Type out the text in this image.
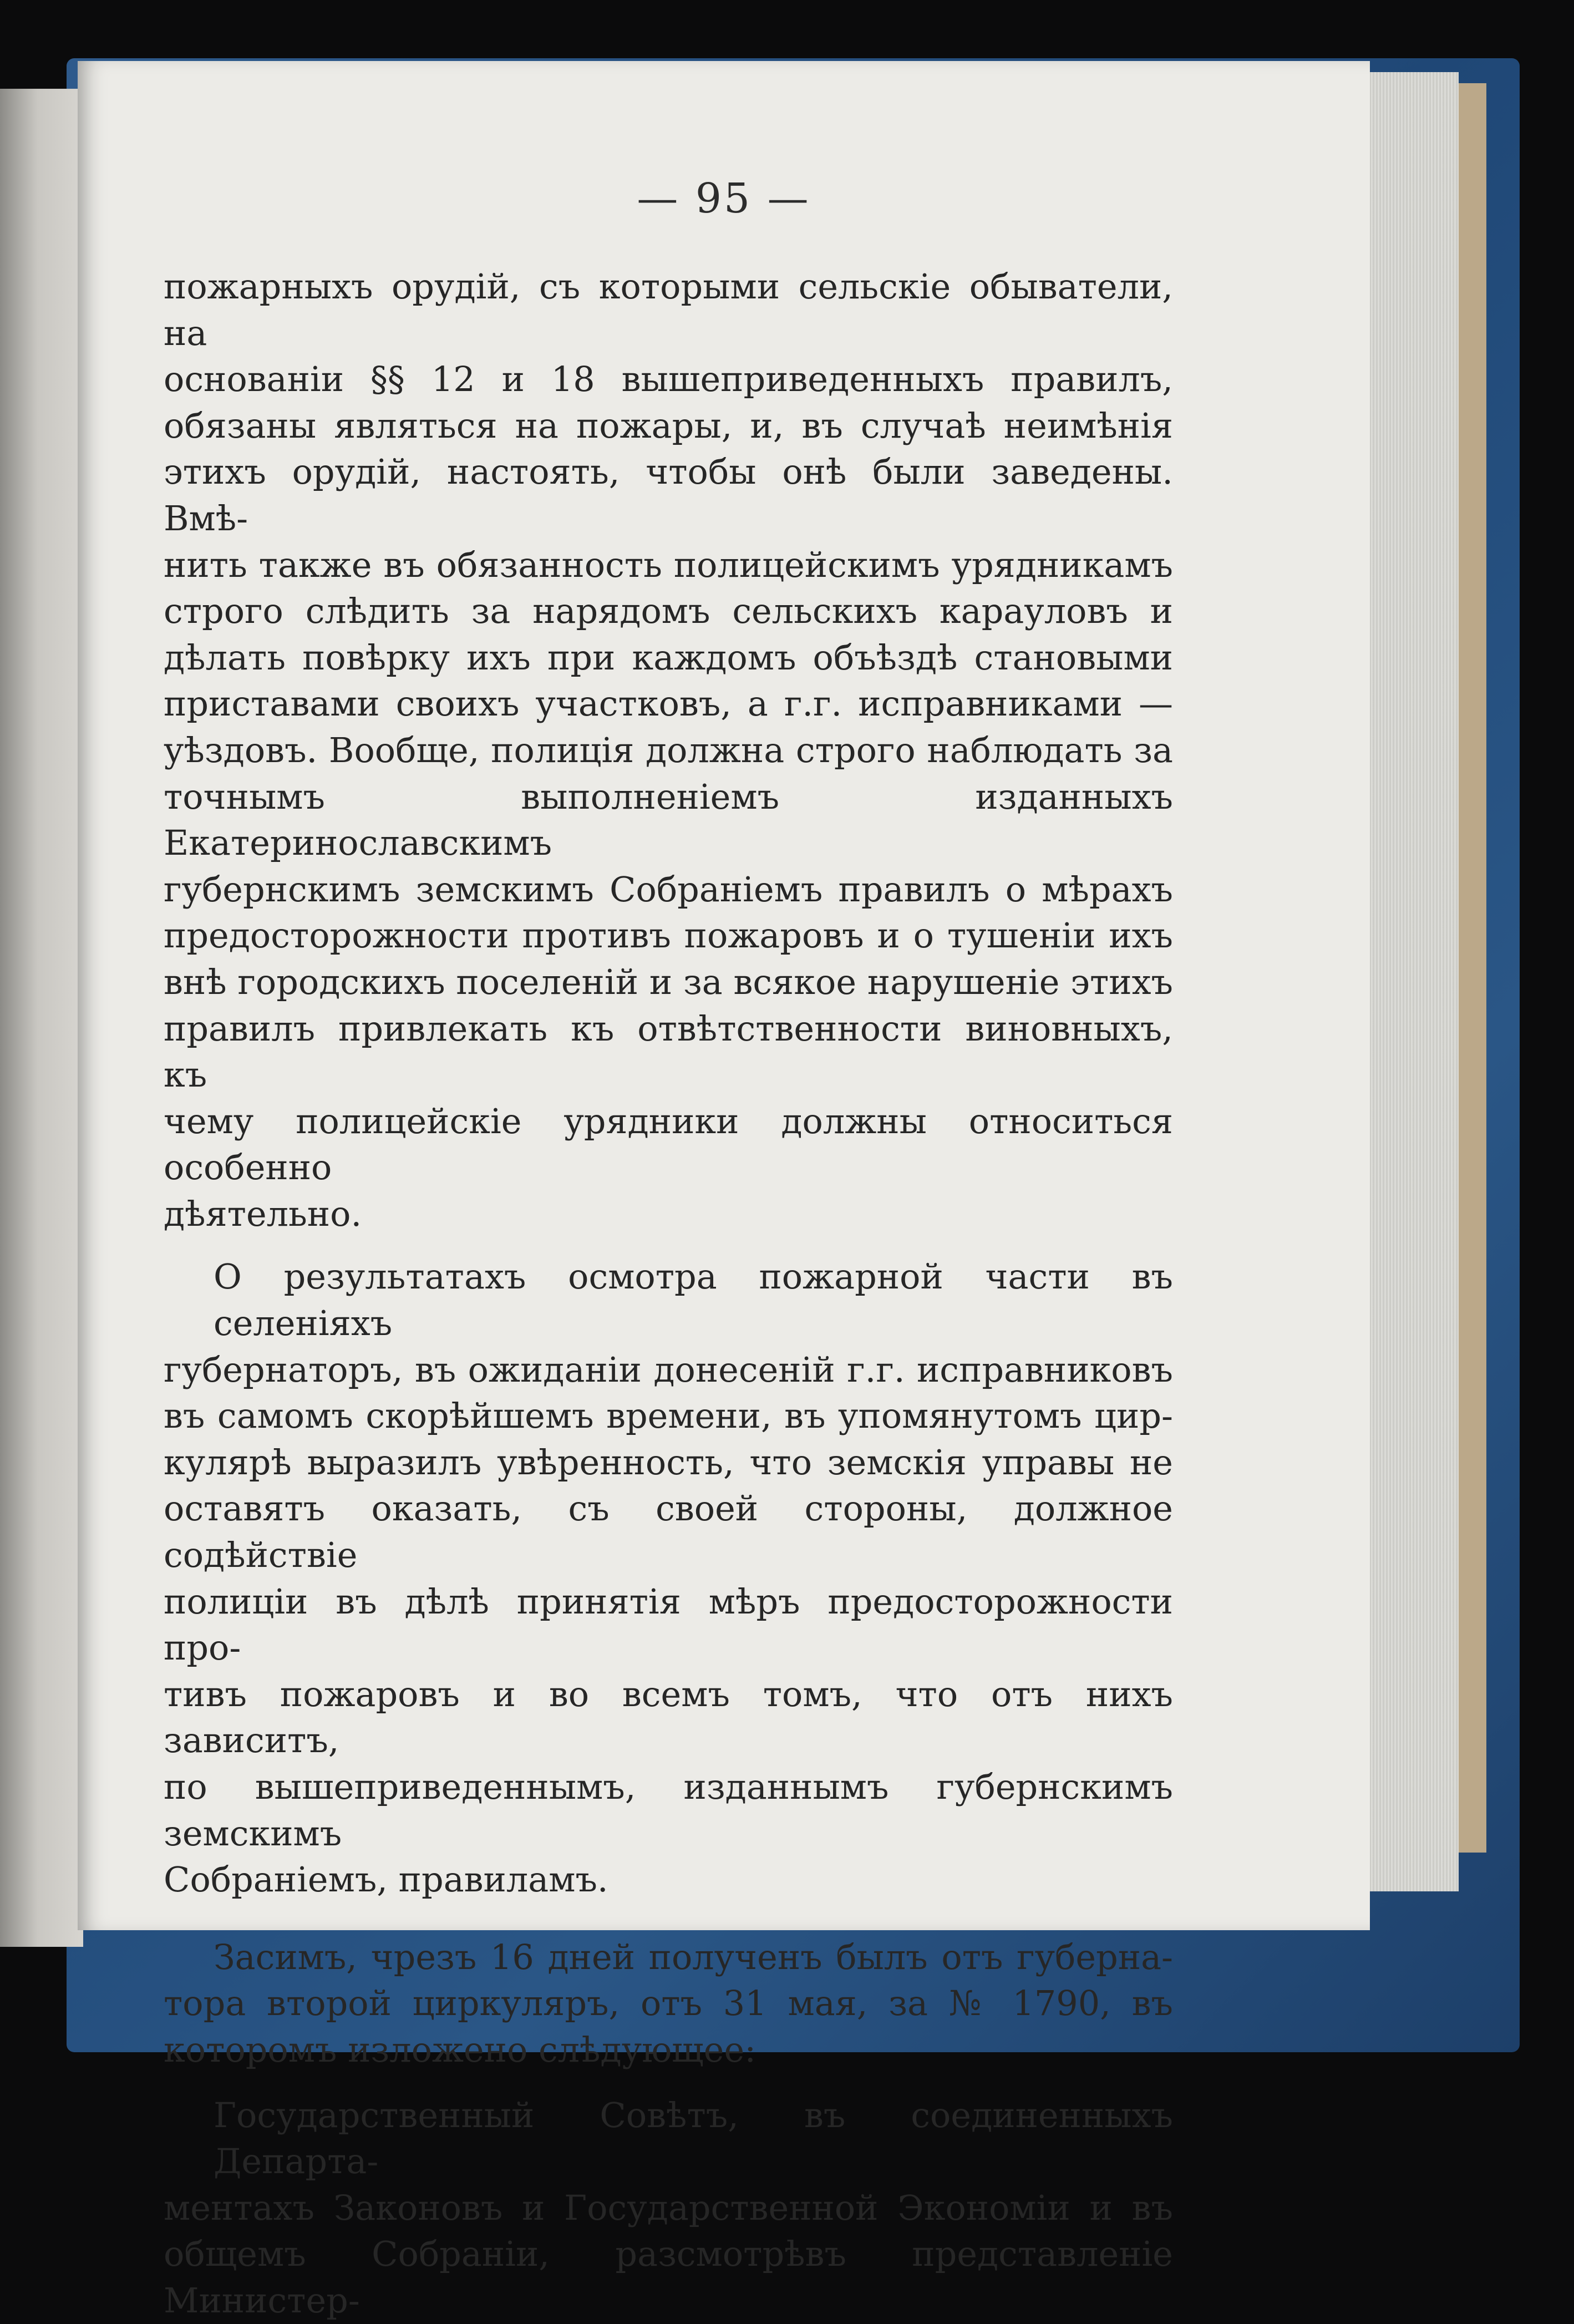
— 95 —
пожарныхъ орудій, съ которыми сельскіе обыватели, на
основаніи §§ 12 и 18 вышеприведенныхъ правилъ,
обязаны являться на пожары, и, въ случаѣ неимѣнія
этихъ орудій, настоять, чтобы онѣ были заведены. Вмѣ-
нить также въ обязанность полицейскимъ урядникамъ
строго слѣдить за нарядомъ сельскихъ карауловъ и
дѣлать повѣрку ихъ при каждомъ объѣздѣ становыми
приставами своихъ участковъ, а г.г. исправниками —
уѣздовъ. Вообще, полиція должна строго наблюдать за
точнымъ выполненіемъ изданныхъ Екатеринославскимъ
губернскимъ земскимъ Собраніемъ правилъ о мѣрахъ
предосторожности противъ пожаровъ и о тушеніи ихъ
внѣ городскихъ поселеній и за всякое нарушеніе этихъ
правилъ привлекать къ отвѣтственности виновныхъ, къ
чему полицейскіе урядники должны относиться особенно
дѣятельно.
О результатахъ осмотра пожарной части въ селеніяхъ
губернаторъ, въ ожиданіи донесеній г.г. исправниковъ
въ самомъ скорѣйшемъ времени, въ упомянутомъ цир-
кулярѣ выразилъ увѣренность, что земскія управы не
оставятъ оказать, съ своей стороны, должное содѣйствіе
полиціи въ дѣлѣ принятія мѣръ предосторожности про-
тивъ пожаровъ и во всемъ томъ, что отъ нихъ зависитъ,
по вышеприведеннымъ, изданнымъ губернскимъ земскимъ
Собраніемъ, правиламъ.
Засимъ, чрезъ 16 дней полученъ былъ отъ губерна-
тора второй циркуляръ, отъ 31 мая, за № 1790, въ
которомъ изложено слѣдующее:
Государственный Совѣтъ, въ соединенныхъ Департа-
ментахъ Законовъ и Государственной Экономіи и въ
общемъ Собраніи, разсмотрѣвъ представленіе Министер-
